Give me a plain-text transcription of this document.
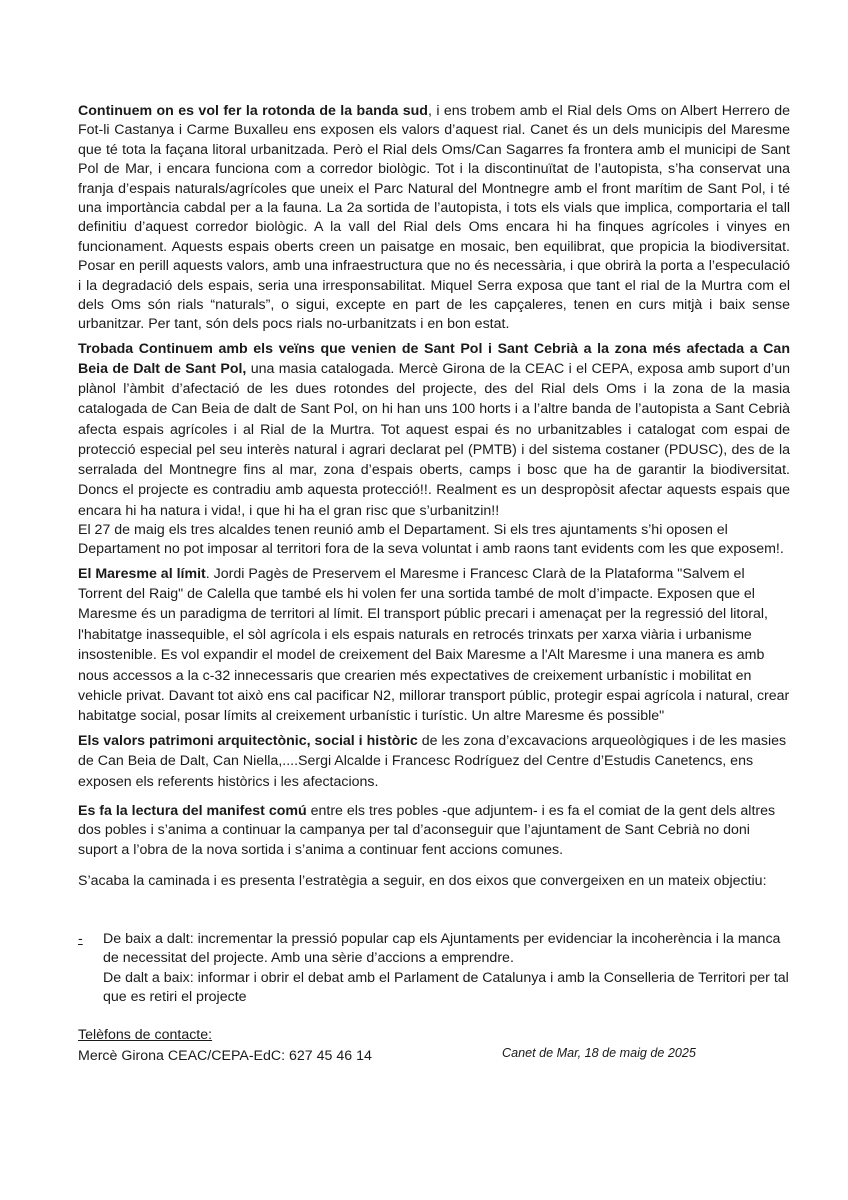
Continuem on es vol fer la rotonda de la banda sud, i ens trobem amb el Rial dels Oms on Albert Herrero de Fot-li Castanya i Carme Buxalleu ens exposen els valors d’aquest rial. Canet és un dels municipis del Maresme que té tota la façana litoral urbanitzada. Però el Rial dels Oms/Can Sagarres fa frontera amb el municipi de Sant Pol de Mar, i encara funciona com a corredor biològic. Tot i la discontinuïtat de l’autopista, s’ha conservat una franja d’espais naturals/agrícoles que uneix el Parc Natural del Montnegre amb el front marítim de Sant Pol, i té una importància cabdal per a la fauna. La 2a sortida de l’autopista, i tots els vials que implica, comportaria el tall definitiu d’aquest corredor biològic. A la vall del Rial dels Oms encara hi ha finques agrícoles i vinyes en funcionament. Aquests espais oberts creen un paisatge en mosaic, ben equilibrat, que propicia la biodiversitat. Posar en perill aquests valors, amb una infraestructura que no és necessària, i que obrirà la porta a l’especulació i la degradació dels espais, seria una irresponsabilitat. Miquel Serra exposa que tant el rial de la Murtra com el dels Oms són rials “naturals”, o sigui, excepte en part de les capçaleres, tenen en curs mitjà i baix sense urbanitzar. Per tant, són dels pocs rials no-urbanitzats i en bon estat.

Trobada Continuem amb els veïns que venien de Sant Pol i Sant Cebrià a la zona més afectada a Can Beia de Dalt de Sant Pol, una masia catalogada. Mercè Girona de la CEAC i el CEPA, exposa amb suport d’un plànol l’àmbit d’afectació de les dues rotondes del projecte, des del Rial dels Oms i la zona de la masia catalogada de Can Beia de dalt de Sant Pol, on hi han uns 100 horts i a l’altre banda de l’autopista a Sant Cebrià afecta espais agrícoles i al Rial de la Murtra. Tot aquest espai és no urbanitzables i catalogat com espai de protecció especial pel seu interès natural i agrari declarat pel (PMTB) i del sistema costaner (PDUSC), des de la serralada del Montnegre fins al mar, zona d’espais oberts, camps i bosc que ha de garantir la biodiversitat. Doncs el projecte es contradiu amb aquesta protecció!!. Realment es un despropòsit afectar aquests espais que encara hi ha natura i vida!, i que hi ha el gran risc que s’urbanitzin!!

El 27 de maig els tres alcaldes tenen reunió amb el Departament. Si els tres ajuntaments s’hi oposen el Departament no pot imposar al territori fora de la seva voluntat i amb raons tant evidents com les que exposem!.

El Maresme al límit. Jordi Pagès de Preservem el Maresme i Francesc Clarà de la Plataforma "Salvem el Torrent del Raig" de Calella que també els hi volen fer una sortida també de molt d’impacte. Exposen que el Maresme és un paradigma de territori al límit. El transport públic precari i amenaçat per la regressió del litoral, l'habitatge inassequible, el sòl agrícola i els espais naturals en retrocés trinxats per xarxa viària i urbanisme insostenible. Es vol expandir el model de creixement del Baix Maresme a l'Alt Maresme i una manera es amb nous accessos a la c-32 innecessaris que crearien més expectatives de creixement urbanístic i mobilitat en vehicle privat. Davant tot això ens cal pacificar N2, millorar transport públic, protegir espai agrícola i natural, crear habitatge social, posar límits al creixement urbanístic i turístic. Un altre Maresme és possible"

Els valors patrimoni arquitectònic, social i històric de les zona d’excavacions arqueològiques i de les masies de Can Beia de Dalt, Can Niella,....Sergi Alcalde i Francesc Rodríguez del Centre d’Estudis Canetencs, ens exposen els referents històrics i les afectacions.

Es fa la lectura del manifest comú entre els tres pobles -que adjuntem- i es fa el comiat de la gent dels altres dos pobles i s’anima a continuar la campanya per tal d’aconseguir que l’ajuntament de Sant Cebrià no doni suport a l’obra de la nova sortida i s’anima a continuar fent accions comunes.

S’acaba la caminada i es presenta l’estratègia a seguir, en dos eixos que convergeixen en un mateix objectiu:

-	De baix a dalt: incrementar la pressió popular cap els Ajuntaments per evidenciar la incoherència i la manca de necessitat del projecte. Amb una sèrie d’accions a emprendre.
De dalt a baix: informar i obrir el debat amb el Parlament de Catalunya i amb la Conselleria de Territori per tal que es retiri el projecte

Telèfons de contacte:

Mercè Girona CEAC/CEPA-EdC: 627 45 46 14	Canet de Mar, 18 de maig de 2025
